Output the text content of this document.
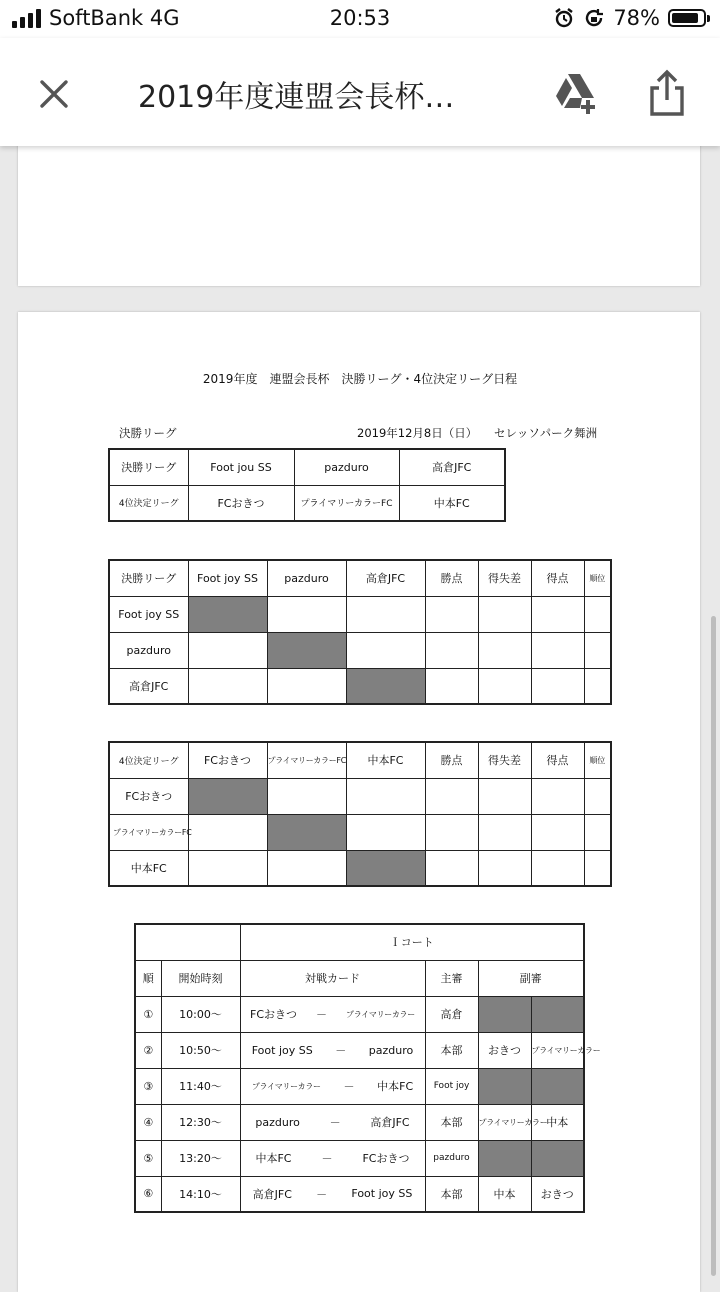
SoftBank 4G	20:53	78%
2019年度連盟会長杯…
2019年度　連盟会長杯　決勝リーグ・4位決定リーグ日程
決勝リーグ	2019年12月8日（日） セレッソパーク舞洲
決勝リーグ	Foot jou SS	pazduro	高倉JFC
4位決定リーグ	FCおきつ	プライマリーカラーFC	中本FC
決勝リーグ	Foot joy SS	pazduro	高倉JFC	勝点	得失差	得点	順位
Foot joy SS							
pazduro							
高倉JFC							
4位決定リーグ	FCおきつ	プライマリーカラーFC	中本FC	勝点	得失差	得点	順位
FCおきつ							
プライマリーカラーFC							
中本FC							
		Ｉコート			
順	開始時刻	対戦カード	主審	副審	
①	10:00～	FCおきつ － プライマリーカラー	高倉		
②	10:50～	Foot joy SS － pazduro	本部	おきつ	プライマリーカラー
③	11:40～	プライマリーカラー － 中本FC	Foot joy		
④	12:30～	pazduro － 高倉JFC	本部	プライマリーカラー	中本
⑤	13:20～	中本FC － FCおきつ	pazduro		
⑥	14:10～	高倉JFC － Foot joy SS	本部	中本	おきつ
